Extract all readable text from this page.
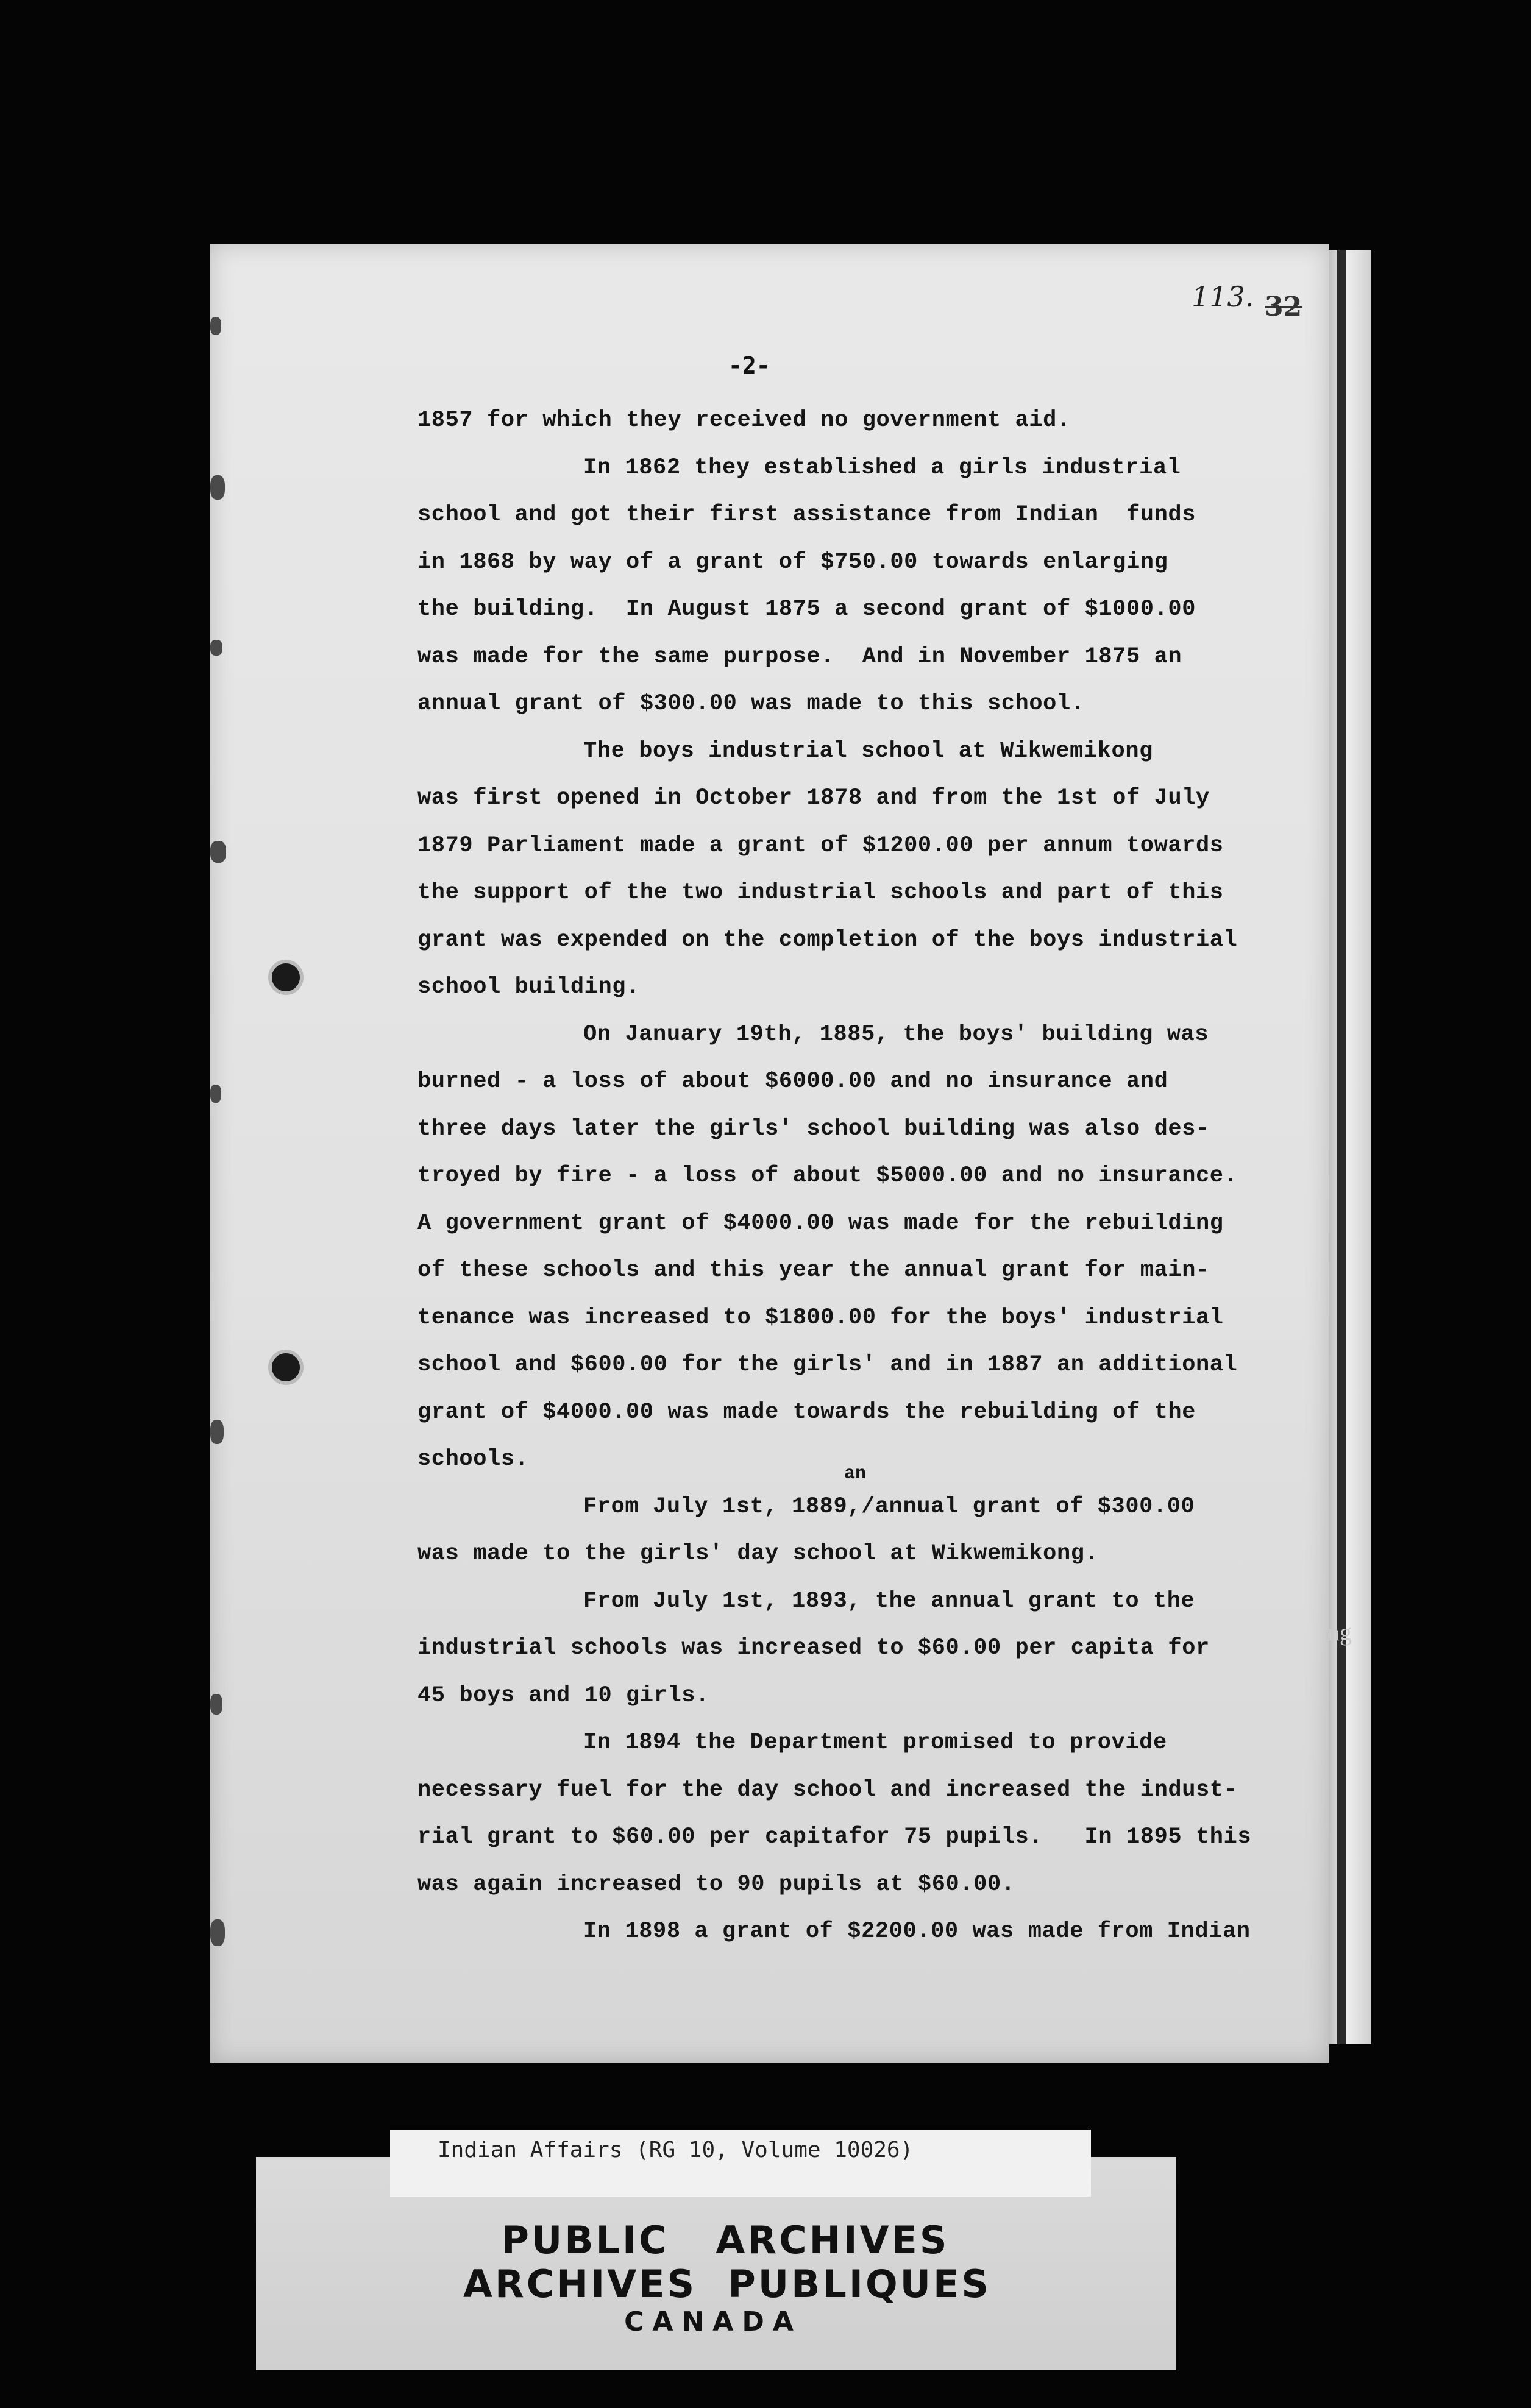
113. 32
-2-
1857 for which they received no government aid.
In 1862 they established a girls industrial
school and got their first assistance from Indian  funds
in 1868 by way of a grant of $750.00 towards enlarging
the building.  In August 1875 a second grant of $1000.00
was made for the same purpose.  And in November 1875 an
annual grant of $300.00 was made to this school.
The boys industrial school at Wikwemikong
was first opened in October 1878 and from the 1st of July
1879 Parliament made a grant of $1200.00 per annum towards
the support of the two industrial schools and part of this
grant was expended on the completion of the boys industrial
school building.
On January 19th, 1885, the boys' building was
burned - a loss of about $6000.00 and no insurance and
three days later the girls' school building was also des-
troyed by fire - a loss of about $5000.00 and no insurance.
A government grant of $4000.00 was made for the rebuilding
of these schools and this year the annual grant for main-
tenance was increased to $1800.00 for the boys' industrial
school and $600.00 for the girls' and in 1887 an additional
grant of $4000.00 was made towards the rebuilding of the
schools.
From July 1st, 1889,/annual grant of $300.00
was made to the girls' day school at Wikwemikong.
From July 1st, 1893, the annual grant to the
industrial schools was increased to $60.00 per capita for
45 boys and 10 girls.
In 1894 the Department promised to provide
necessary fuel for the day school and increased the indust-
rial grant to $60.00 per capitafor 75 pupils.   In 1895 this
was again increased to 90 pupils at $60.00.
In 1898 a grant of $2200.00 was made from Indian
an
ng
Indian Affairs (RG 10, Volume 10026)
PUBLIC   ARCHIVES
ARCHIVES  PUBLIQUES
CANADA
